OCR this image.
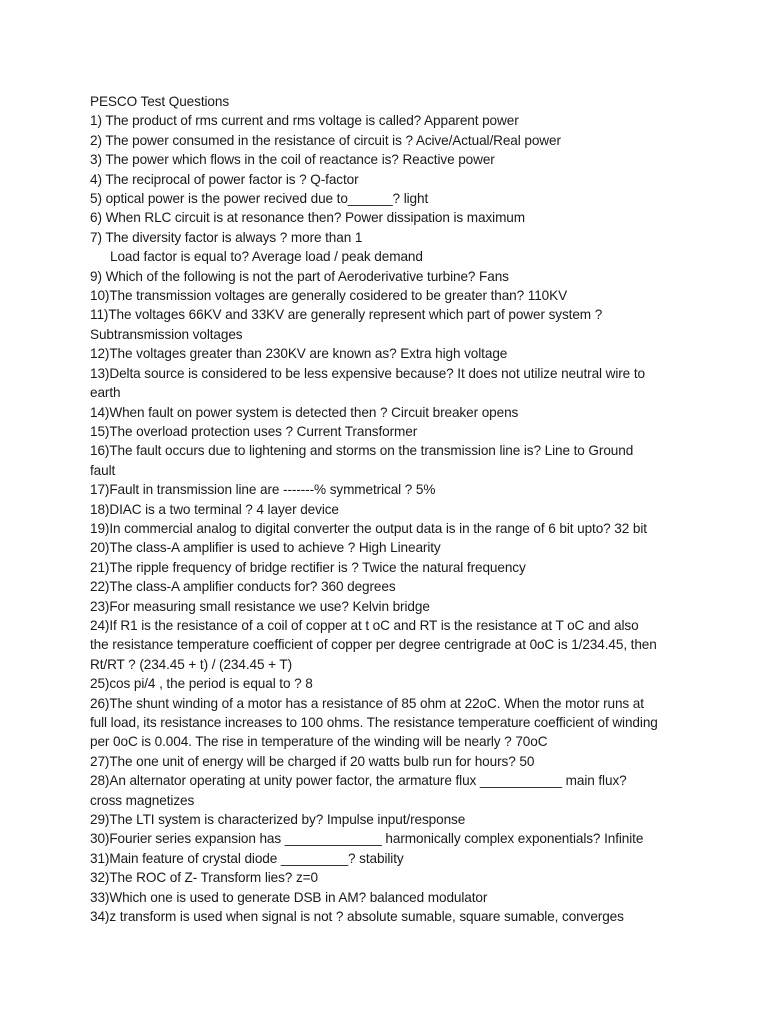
PESCO Test Questions

1) The product of rms current and rms voltage is called? Apparent power

2) The power consumed in the resistance of circuit is ? Acive/Actual/Real power

3) The power which flows in the coil of reactance is? Reactive power

4) The reciprocal of power factor is ? Q-factor

5) optical power is the power recived due to______? light

6) When RLC circuit is at resonance then? Power dissipation is maximum

7) The diversity factor is always ? more than 1

Load factor is equal to? Average load / peak demand

9) Which of the following is not the part of Aeroderivative turbine? Fans

10)The transmission voltages are generally cosidered to be greater than? 110KV

11)The voltages 66KV and 33KV are generally represent which part of power system ?

Subtransmission voltages

12)The voltages greater than 230KV are known as? Extra high voltage

13)Delta source is considered to be less expensive because? It does not utilize neutral wire to

earth

14)When fault on power system is detected then ? Circuit breaker opens

15)The overload protection uses ? Current Transformer

16)The fault occurs due to lightening and storms on the transmission line is? Line to Ground

fault

17)Fault in transmission line are -------% symmetrical ? 5%

18)DIAC is a two terminal ? 4 layer device

19)In commercial analog to digital converter the output data is in the range of 6 bit upto? 32 bit

20)The class-A amplifier is used to achieve ? High Linearity

21)The ripple frequency of bridge rectifier is ? Twice the natural frequency

22)The class-A amplifier conducts for? 360 degrees

23)For measuring small resistance we use? Kelvin bridge

24)If R1 is the resistance of a coil of copper at t oC and RT is the resistance at T oC and also

the resistance temperature coefficient of copper per degree centrigrade at 0oC is 1/234.45, then

Rt/RT ? (234.45 + t) / (234.45 + T)

25)cos pi/4 , the period is equal to ? 8

26)The shunt winding of a motor has a resistance of 85 ohm at 22oC. When the motor runs at

full load, its resistance increases to 100 ohms. The resistance temperature coefficient of winding

per 0oC is 0.004. The rise in temperature of the winding will be nearly ? 70oC

27)The one unit of energy will be charged if 20 watts bulb run for hours? 50

28)An alternator operating at unity power factor, the armature flux ___________ main flux?

cross magnetizes

29)The LTI system is characterized by? Impulse input/response

30)Fourier series expansion has _____________ harmonically complex exponentials? Infinite

31)Main feature of crystal diode _________? stability

32)The ROC of Z- Transform lies? z=0

33)Which one is used to generate DSB in AM? balanced modulator

34)z transform is used when signal is not ? absolute sumable, square sumable, converges
